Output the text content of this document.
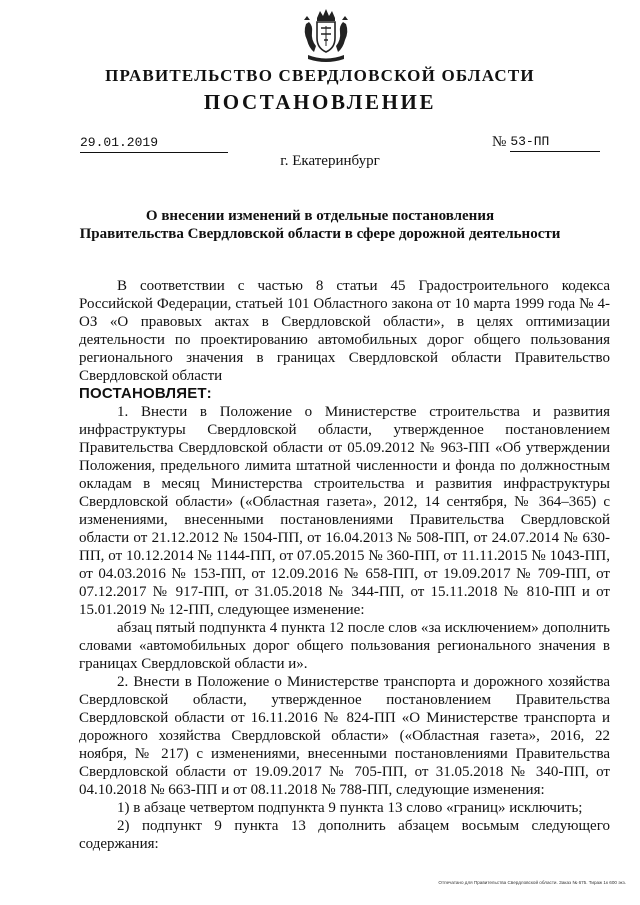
ПРАВИТЕЛЬСТВО СВЕРДЛОВСКОЙ ОБЛАСТИ
ПОСТАНОВЛЕНИЕ
29.01.2019	№ 53-ПП
г. Екатеринбург
О внесении изменений в отдельные постановления
Правительства Свердловской области в сфере дорожной деятельности

В соответствии с частью 8 статьи 45 Градостроительного кодекса Российской Федерации, статьей 101 Областного закона от 10 марта 1999 года № 4-ОЗ «О правовых актах в Свердловской области», в целях оптимизации деятельности по проектированию автомобильных дорог общего пользования регионального значения в границах Свердловской области Правительство Свердловской области

ПОСТАНОВЛЯЕТ:

1. Внести в Положение о Министерстве строительства и развития инфраструктуры Свердловской области, утвержденное постановлением Правительства Свердловской области от 05.09.2012 № 963-ПП «Об утверждении Положения, предельного лимита штатной численности и фонда по должностным окладам в месяц Министерства строительства и развития инфраструктуры Свердловской области» («Областная газета», 2012, 14 сентября, № 364–365) с изменениями, внесенными постановлениями Правительства Свердловской области от 21.12.2012 № 1504-ПП, от 16.04.2013 № 508-ПП, от 24.07.2014 № 630-ПП, от 10.12.2014 № 1144-ПП, от 07.05.2015 № 360-ПП, от 11.11.2015 № 1043-ПП, от 04.03.2016 № 153-ПП, от 12.09.2016 № 658-ПП, от 19.09.2017 № 709-ПП, от 07.12.2017 № 917-ПП, от 31.05.2018 № 344-ПП, от 15.11.2018 № 810-ПП и от 15.01.2019 № 12-ПП, следующее изменение:

абзац пятый подпункта 4 пункта 12 после слов «за исключением» дополнить словами «автомобильных дорог общего пользования регионального значения в границах Свердловской области и».

2. Внести в Положение о Министерстве транспорта и дорожного хозяйства Свердловской области, утвержденное постановлением Правительства Свердловской области от 16.11.2016 № 824-ПП «О Министерстве транспорта и дорожного хозяйства Свердловской области» («Областная газета», 2016, 22 ноября, № 217) с изменениями, внесенными постановлениями Правительства Свердловской области от 19.09.2017 № 705-ПП, от 31.05.2018 № 340-ПП, от 04.10.2018 № 663-ПП и от 08.11.2018 № 788-ПП, следующие изменения:

1) в абзаце четвертом подпункта 9 пункта 13 слово «границ» исключить;

2) подпункт 9 пункта 13 дополнить абзацем восьмым следующего содержания:

Отпечатано для Правительства Свердловской области. Заказ № 675. Тираж 1к 600 экз.
